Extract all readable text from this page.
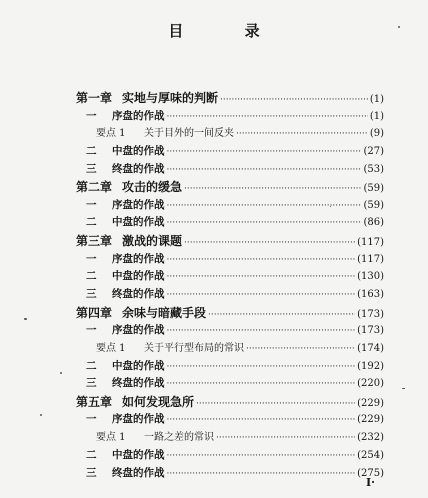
目 录
第一章 实地与厚味的判断 ·····	(1)
一	序盘的作战 ·····	(1)
要点 1	关于目外的一间反夹 ·····	(9)
二	中盘的作战 ·····	(27)
三	终盘的作战 ·····	(53)
第二章 攻击的缓急 ·····	(59)
一	序盘的作战 ·····	(59)
二	中盘的作战 ·····	(86)
第三章 激战的课题 ·····	(117)
一	序盘的作战 ·····	(117)
二	中盘的作战 ·····	(130)
三	终盘的作战 ·····	(163)
第四章 余味与暗藏手段 ·····	(173)
一	序盘的作战 ·····	(173)
要点 1	关于平行型布局的常识 ·····	(174)
二	中盘的作战 ·····	(192)
三	终盘的作战 ·····	(220)
第五章 如何发现急所 ·····	(229)
一	序盘的作战 ·····	(229)
要点 1	一路之差的常识 ·····	(232)
二	中盘的作战 ·····	(254)
三	终盘的作战 ·····	(275)
I·
